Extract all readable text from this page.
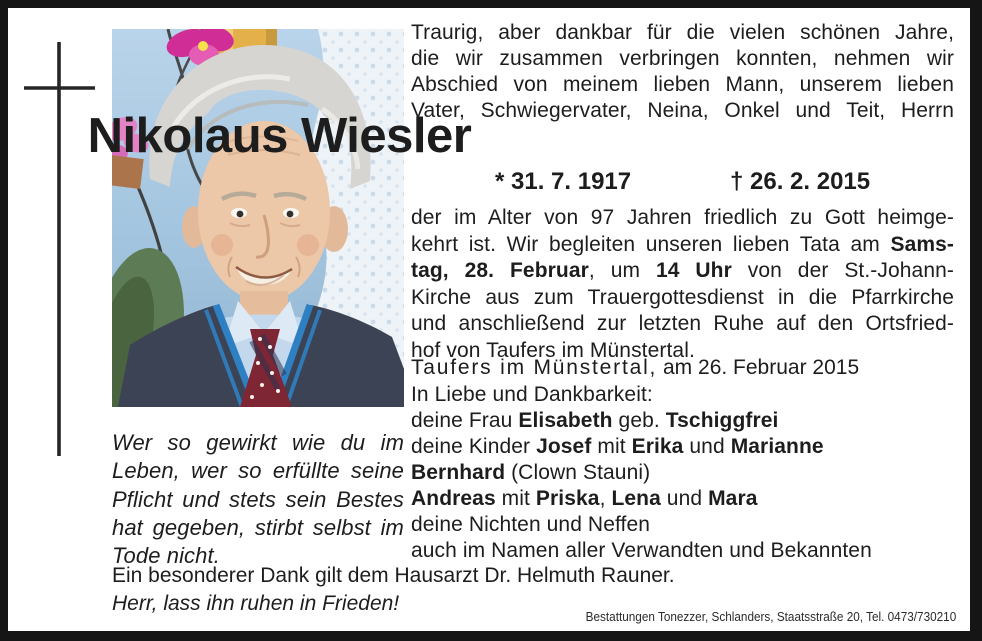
Traurig, aber dankbar für die vielen schönen Jahre,
die wir zusammen verbringen konnten, nehmen wir
Abschied von meinem lieben Mann, unserem lieben
Vater, Schwiegervater, Neina, Onkel und Teit, Herrn
Nikolaus Wiesler
* 31. 7. 1917	† 26. 2. 2015
der im Alter von 97 Jahren friedlich zu Gott heimge-
kehrt ist. Wir begleiten unseren lieben Tata am Sams-
tag, 28. Februar, um 14 Uhr von der St.-Johann-
Kirche aus zum Trauergottesdienst in die Pfarrkirche
und anschließend zur letzten Ruhe auf den Ortsfried-
hof von Taufers im Münstertal.
Taufers im Münstertal, am 26. Februar 2015
In Liebe und Dankbarkeit:
deine Frau Elisabeth geb. Tschiggfrei
deine Kinder Josef mit Erika und Marianne
Bernhard (Clown Stauni)
Andreas mit Priska, Lena und Mara
deine Nichten und Neffen
auch im Namen aller Verwandten und Bekannten
Wer so gewirkt wie du im
Leben, wer so erfüllte seine
Pflicht und stets sein Bestes
hat gegeben, stirbt selbst im
Tode nicht.
Ein besonderer Dank gilt dem Hausarzt Dr. Helmuth Rauner.
Herr, lass ihn ruhen in Frieden!
Bestattungen Tonezzer, Schlanders, Staatsstraße 20, Tel. 0473/730210
